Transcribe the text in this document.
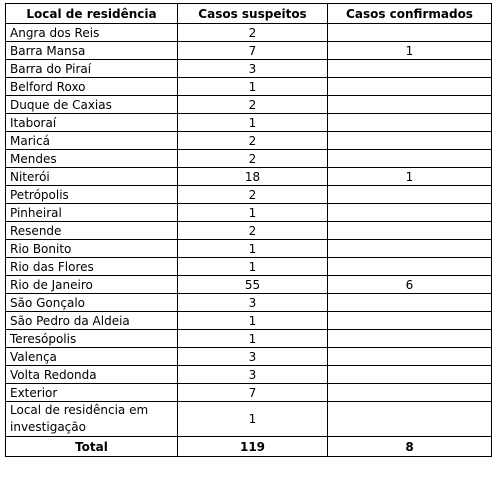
Local de residência	Casos suspeitos	Casos confirmados
Angra dos Reis	2	
Barra Mansa	7	1
Barra do Piraí	3	
Belford Roxo	1	
Duque de Caxias	2	
Itaboraí	1	
Maricá	2	
Mendes	2	
Niterói	18	1
Petrópolis	2	
Pinheiral	1	
Resende	2	
Rio Bonito	1	
Rio das Flores	1	
Rio de Janeiro	55	6
São Gonçalo	3	
São Pedro da Aldeia	1	
Teresópolis	1	
Valença	3	
Volta Redonda	3	
Exterior	7	
Local de residência em investigação	1	
Total	119	8
